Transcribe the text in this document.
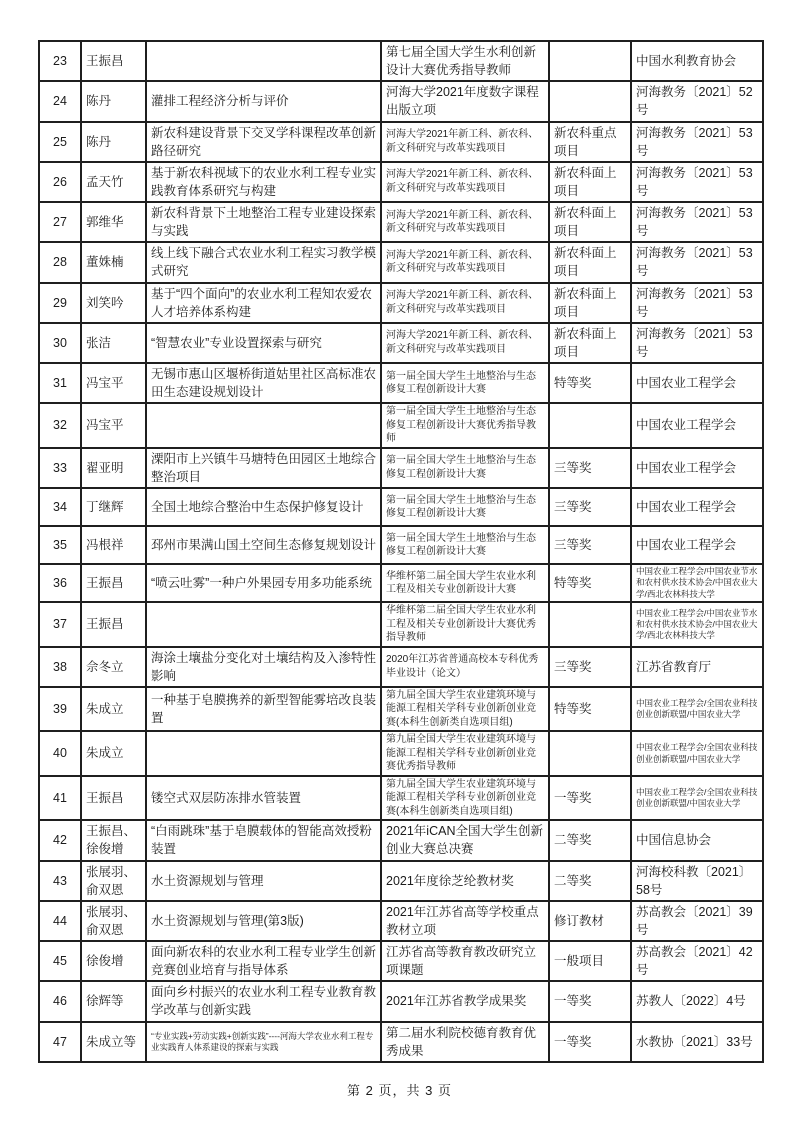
23	王振昌		第七届全国大学生水利创新设计大赛优秀指导教师		中国水利教育协会
24	陈丹	灌排工程经济分析与评价	河海大学2021年度数字课程出版立项		河海教务〔2021〕52号
25	陈丹	新农科建设背景下交叉学科课程改革创新路径研究	河海大学2021年新工科、新农科、新文科研究与改革实践项目	新农科重点项目	河海教务〔2021〕53号
26	孟天竹	基于新农科视域下的农业水利工程专业实践教育体系研究与构建	河海大学2021年新工科、新农科、新文科研究与改革实践项目	新农科面上项目	河海教务〔2021〕53号
27	郭维华	新农科背景下土地整治工程专业建设探索与实践	河海大学2021年新工科、新农科、新文科研究与改革实践项目	新农科面上项目	河海教务〔2021〕53号
28	董姝楠	线上线下融合式农业水利工程实习教学模式研究	河海大学2021年新工科、新农科、新文科研究与改革实践项目	新农科面上项目	河海教务〔2021〕53号
29	刘笑吟	基于“四个面向”的农业水利工程知农爱农人才培养体系构建	河海大学2021年新工科、新农科、新文科研究与改革实践项目	新农科面上项目	河海教务〔2021〕53号
30	张洁	“智慧农业”专业设置探索与研究	河海大学2021年新工科、新农科、新文科研究与改革实践项目	新农科面上项目	河海教务〔2021〕53号
31	冯宝平	无锡市惠山区堰桥街道姑里社区高标准农田生态建设规划设计	第一届全国大学生土地整治与生态修复工程创新设计大赛	特等奖	中国农业工程学会
32	冯宝平		第一届全国大学生土地整治与生态修复工程创新设计大赛优秀指导教师		中国农业工程学会
33	翟亚明	溧阳市上兴镇牛马塘特色田园区土地综合整治项目	第一届全国大学生土地整治与生态修复工程创新设计大赛	三等奖	中国农业工程学会
34	丁继辉	全国土地综合整治中生态保护修复设计	第一届全国大学生土地整治与生态修复工程创新设计大赛	三等奖	中国农业工程学会
35	冯根祥	邳州市果满山国土空间生态修复规划设计	第一届全国大学生土地整治与生态修复工程创新设计大赛	三等奖	中国农业工程学会
36	王振昌	“喷云吐雾”一种户外果园专用多功能系统	华维杯第二届全国大学生农业水利工程及相关专业创新设计大赛	特等奖	中国农业工程学会/中国农业节水和农村供水技术协会/中国农业大学/西北农林科技大学
37	王振昌		华维杯第二届全国大学生农业水利工程及相关专业创新设计大赛优秀指导教师		中国农业工程学会/中国农业节水和农村供水技术协会/中国农业大学/西北农林科技大学
38	佘冬立	海涂土壤盐分变化对土壤结构及入渗特性影响	2020年江苏省普通高校本专科优秀毕业设计（论文）	三等奖	江苏省教育厅
39	朱成立	一种基于皂膜携养的新型智能雾培改良装置	第九届全国大学生农业建筑环境与能源工程相关学科专业创新创业竞赛(本科生创新类自选项目组)	特等奖	中国农业工程学会/全国农业科技创业创新联盟/中国农业大学
40	朱成立		第九届全国大学生农业建筑环境与能源工程相关学科专业创新创业竞赛优秀指导教师		中国农业工程学会/全国农业科技创业创新联盟/中国农业大学
41	王振昌	镂空式双层防冻排水管装置	第九届全国大学生农业建筑环境与能源工程相关学科专业创新创业竞赛(本科生创新类自选项目组)	一等奖	中国农业工程学会/全国农业科技创业创新联盟/中国农业大学
42	王振昌、徐俊增	“白雨跳珠”基于皂膜载体的智能高效授粉装置	2021年iCAN全国大学生创新创业大赛总决赛	二等奖	中国信息协会
43	张展羽、俞双恩	水土资源规划与管理	2021年度徐芝纶教材奖	二等奖	河海校科教〔2021〕58号
44	张展羽、俞双恩	水土资源规划与管理(第3版)	2021年江苏省高等学校重点教材立项	修订教材	苏高教会〔2021〕39号
45	徐俊增	面向新农科的农业水利工程专业学生创新竞赛创业培育与指导体系	江苏省高等教育教改研究立项课题	一般项目	苏高教会〔2021〕42号
46	徐辉等	面向乡村振兴的农业水利工程专业教育教学改革与创新实践	2021年江苏省教学成果奖	一等奖	苏教人〔2022〕4号
47	朱成立等	“专业实践+劳动实践+创新实践”----河海大学农业水利工程专业实践育人体系建设的探索与实践	第二届水利院校德育教育优秀成果	一等奖	水教协〔2021〕33号
第 2 页，共 3 页
